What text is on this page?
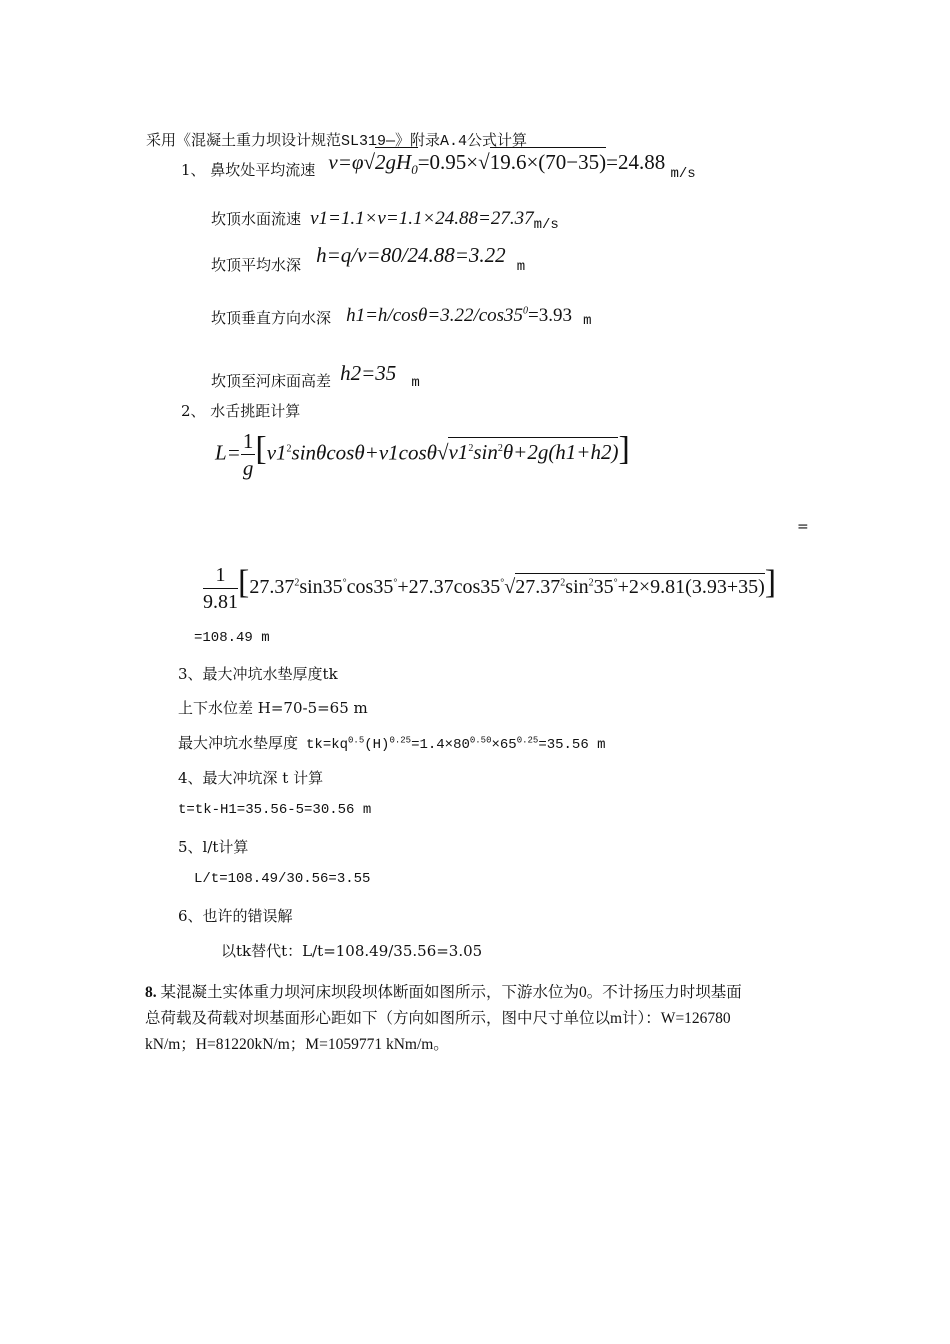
采用《混凝土重力坝设计规范SL319—》附录A.4公式计算
1、 鼻坎处平均流速 $v=\varphi√2gH_0=0.95\times√19.6\times(70-35)=24.88$ m/s
坎顶水面流速 v1=1.1×v=1.1×24.88=27.37m/s
坎顶平均水深 h=q/v=80/24.88=3.22 m
坎顶垂直方向水深 $h1=h/\cos\theta=3.22/\cos 35^0=3.93$ m
坎顶至河床面高差 h2=35 m
2、 水舌挑距计算
$L= \frac{1}{g} [v1^2\sin\theta\cos\theta+v1\cos\theta√v1^2\sin^2\theta+2g(h1+h2)]$
=
$\frac{1}{9.81} [27.37^2\sin 35^\circ\cos 35^\circ+27.37\cos 35^\circ√27.37^2\sin^235^\circ+2\times 9.81(3.93+35)]$
=108.49 m
3、最大冲坑水垫厚度tk
上下水位差 H=70-5=65 m
最大冲坑水垫厚度 $tk=kq^{0.5}(H)^{0.25}=1.4\times 80^{0.50}\times 65^{0.25}=35.56$ m
4、最大冲坑深 t 计算
t=tk-H1=35.56-5=30.56 m
5、l/t计算
L/t=108.49/30.56=3.55
6、也许的错误解
以tk替代t：L/t=108.49/35.56=3.05
8. 某混凝土实体重力坝河床坝段坝体断面如图所示，下游水位为0。不计扬压力时坝基面
总荷载及荷载对坝基面形心距如下（方向如图所示，图中尺寸单位以m计）：W=126780
kN/m；H=81220kN/m；M=1059771 kNm/m。
